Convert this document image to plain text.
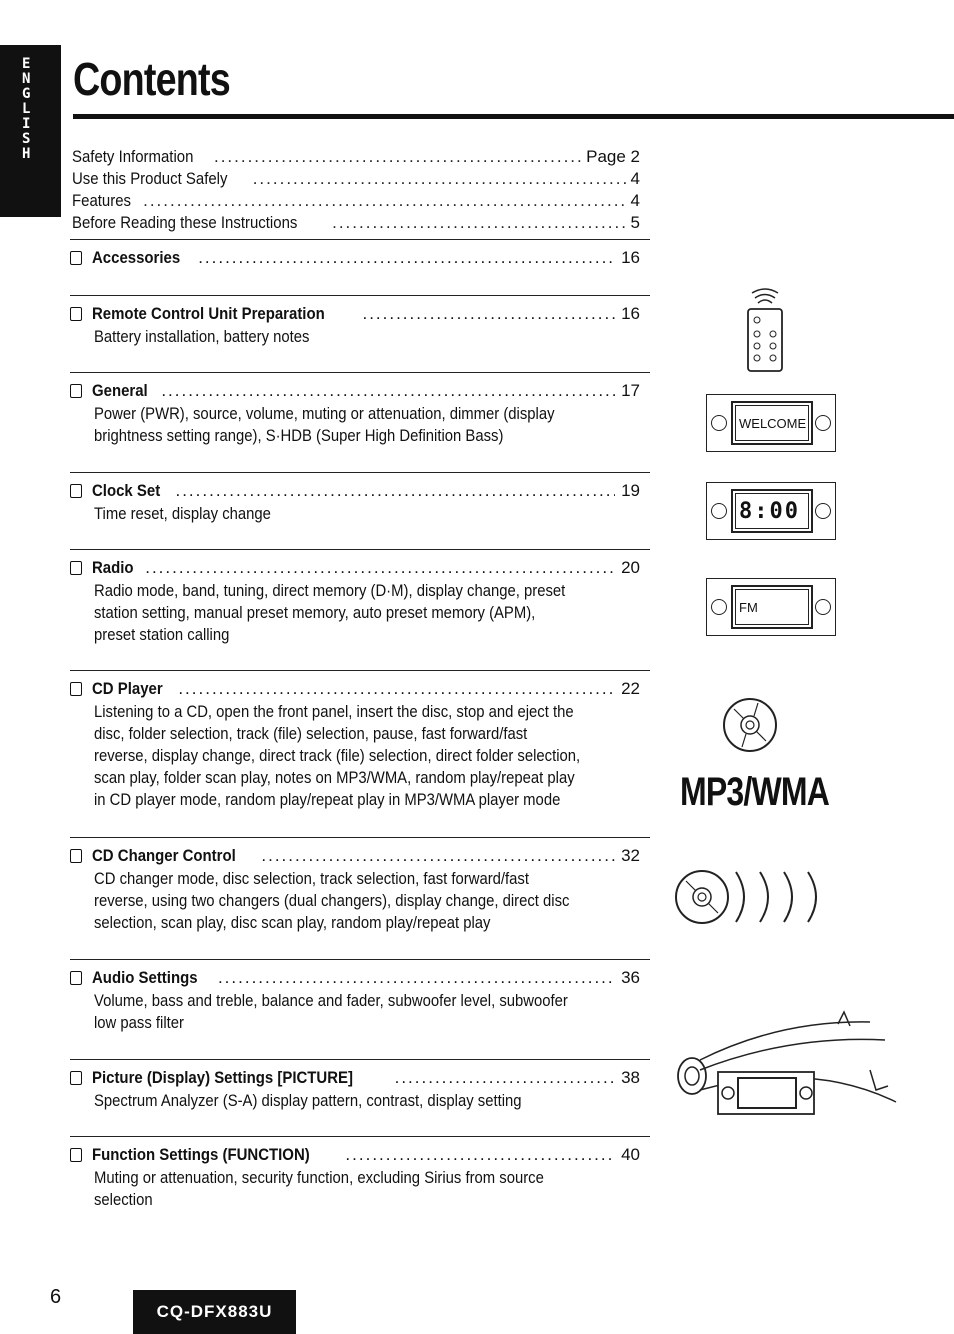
E
N
G
L
I
S
H
Contents
Safety Information .....	Page 2
Use this Product Safely .....	4
Features .....	4
Before Reading these Instructions .....	5
Accessories .....	16
Remote Control Unit Preparation .....	16
Battery installation, battery notes
General .....	17
Power (PWR), source, volume, muting or attenuation, dimmer (display
brightness setting range), S·HDB (Super High Definition Bass)
Clock Set .....	19
Time reset, display change
Radio .....	20
Radio mode, band, tuning, direct memory (D·M), display change, preset
station setting, manual preset memory, auto preset memory (APM),
preset station calling
CD Player .....	22
Listening to a CD, open the front panel, insert the disc, stop and eject the
disc, folder selection, track (file) selection, pause, fast forward/fast
reverse, display change, direct track (file) selection, direct folder selection,
scan play, folder scan play, notes on MP3/WMA, random play/repeat play
in CD player mode, random play/repeat play in MP3/WMA player mode
CD Changer Control .....	32
CD changer mode, disc selection, track selection, fast forward/fast
reverse, using two changers (dual changers), display change, direct disc
selection, scan play, disc scan play, random play/repeat play
Audio Settings .....	36
Volume, bass and treble, balance and fader, subwoofer level, subwoofer
low pass filter
Picture (Display) Settings [PICTURE] .....	38
Spectrum Analyzer (S-A) display pattern, contrast, display setting
Function Settings (FUNCTION) .....	40
Muting or attenuation, security function, excluding Sirius from source
selection
WELCOME
8:00
FM
MP3/WMA
6
CQ-DFX883U
